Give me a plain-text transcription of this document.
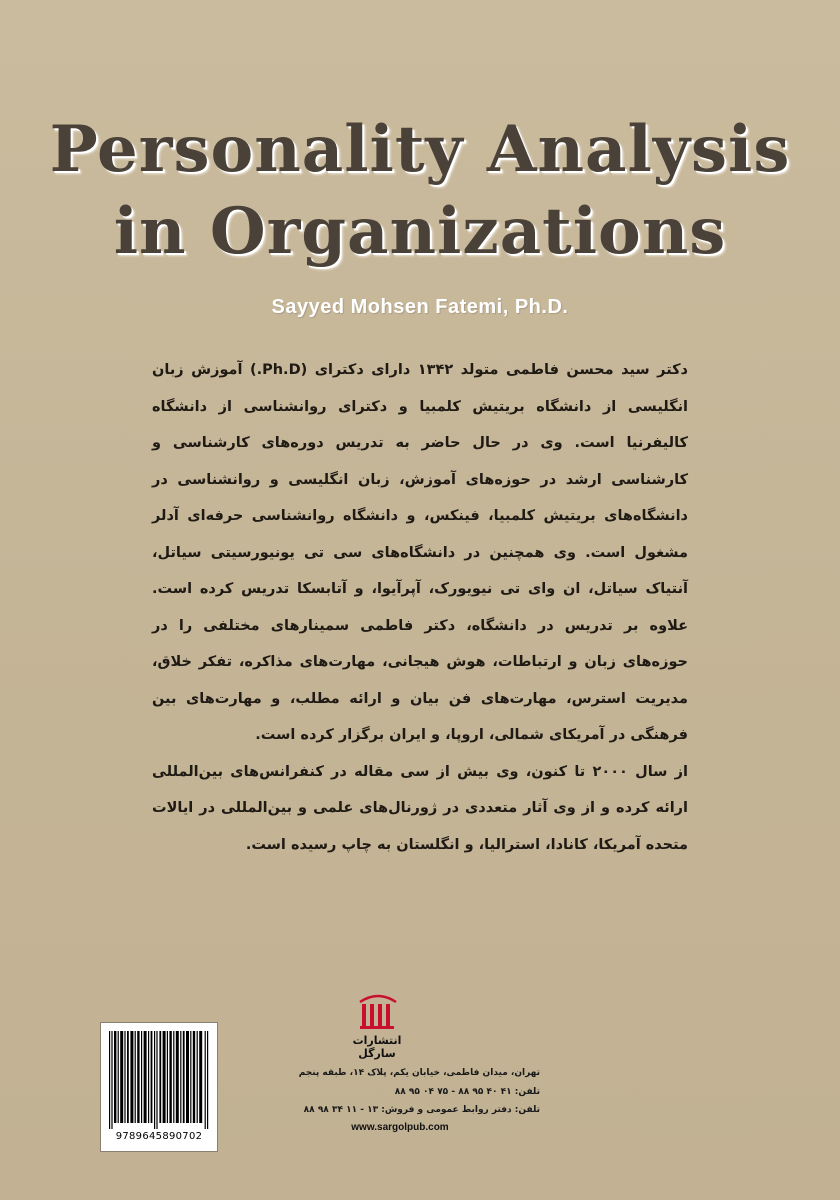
Personality Analysis
in Organizations
Sayyed Mohsen Fatemi, Ph.D.

دکتر سید محسن فاطمی متولد ۱۳۴۲ دارای دکترای (Ph.D.) آموزش زبان انگلیسی از دانشگاه بریتیش کلمبیا و دکترای روانشناسی از دانشگاه کالیفرنیا است. وی در حال حاضر به تدریس دوره‌های کارشناسی و کارشناسی ارشد در حوزه‌های آموزش، زبان انگلیسی و روانشناسی در دانشگاه‌های بریتیش کلمبیا، فینکس، و دانشگاه روانشناسی حرفه‌ای آدلر مشغول است. وی همچنین در دانشگاه‌های سی تی یونیورسیتی سیاتل، آنتیاک سیاتل، ان وای تی نیویورک، آپرآیوا، و آتابسکا تدریس کرده است. علاوه بر تدریس در دانشگاه، دکتر فاطمی سمینارهای مختلفی را در حوزه‌های زبان و ارتباطات، هوش هیجانی، مهارت‌های مذاکره، تفکر خلاق، مدیریت استرس، مهارت‌های فن بیان و ارائه مطلب، و مهارت‌های بین فرهنگی در آمریکای شمالی، اروپا، و ایران برگزار کرده است.

از سال ۲۰۰۰ تا کنون، وی بیش از سی مقاله در کنفرانس‌های بین‌المللی ارائه کرده و از وی آثار متعددی در ژورنال‌های علمی و بین‌المللی در ایالات متحده آمریکا، کانادا، استرالیا، و انگلستان به چاپ رسیده است.

9789645890702
انتشارات سارگل
تهران، میدان فاطمی، خیابان یکم، پلاک ۱۴، طبقه پنجم
تلفن: ۴۱ ۴۰ ۹۵ ۸۸ - ۷۵ ۰۴ ۹۵ ۸۸
تلفن: دفتر روابط عمومی و فروش: ۱۳ - ۱۱ ۳۴ ۹۸ ۸۸
www.sargolpub.com
